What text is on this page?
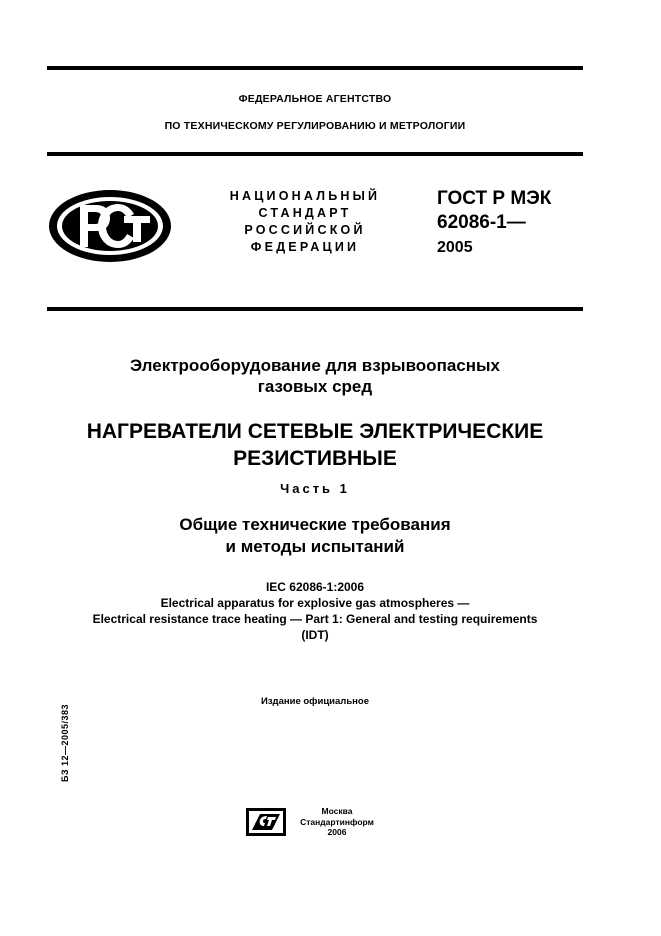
ФЕДЕРАЛЬНОЕ АГЕНТСТВО
ПО ТЕХНИЧЕСКОМУ РЕГУЛИРОВАНИЮ И МЕТРОЛОГИИ
НАЦИОНАЛЬНЫЙ
СТАНДАРТ
РОССИЙСКОЙ
ФЕДЕРАЦИИ
ГОСТ Р МЭК
62086-1—
2005
Электрооборудование для взрывоопасных
газовых сред
НАГРЕВАТЕЛИ СЕТЕВЫЕ ЭЛЕКТРИЧЕСКИЕ
РЕЗИСТИВНЫЕ
Часть 1
Общие технические требования
и методы испытаний
IEC 62086-1:2006
Electrical apparatus for explosive gas atmospheres —
Electrical resistance trace heating — Part 1: General and testing requirements
(IDT)
Издание официальное
БЗ 12—2005/383
Москва
Стандартинформ
2006
